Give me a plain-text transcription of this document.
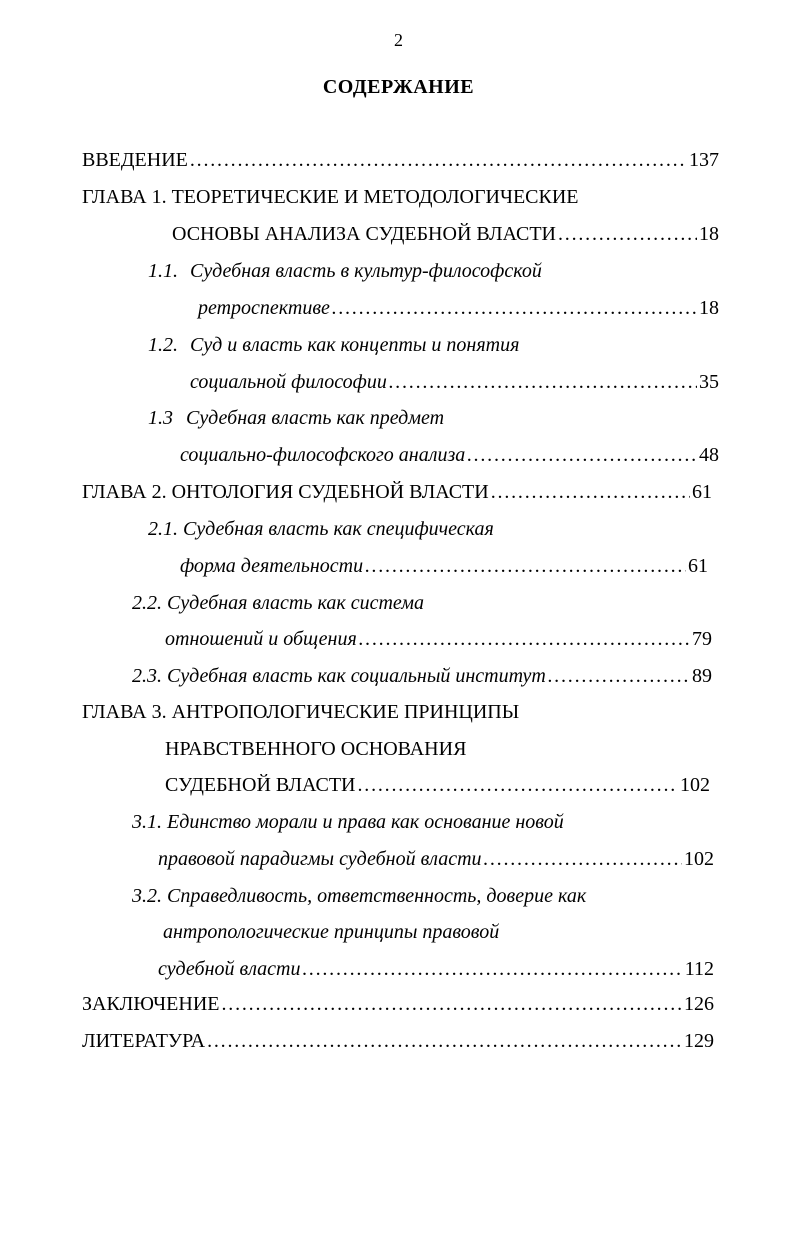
2
СОДЕРЖАНИЕ
ВВЕДЕНИЕ . . .	137
ГЛАВА 1. ТЕОРЕТИЧЕСКИЕ И МЕТОДОЛОГИЧЕСКИЕ
ОСНОВЫ АНАЛИЗА СУДЕБНОЙ ВЛАСТИ . . .	18
1.1. Судебная власть в культур-философской
ретроспективе . . .	18
1.2. Суд и власть как концепты и понятия
социальной философии . . .	35
1.3 Судебная власть как предмет
социально-философского анализа . . .	48
ГЛАВА 2. ОНТОЛОГИЯ СУДЕБНОЙ ВЛАСТИ . . .	61
2.1. Судебная власть как специфическая
форма деятельности . . .	61
2.2. Судебная власть как система
отношений и общения . . .	79
2.3. Судебная власть как социальный институт . . .	89
ГЛАВА 3. АНТРОПОЛОГИЧЕСКИЕ ПРИНЦИПЫ
НРАВСТВЕННОГО ОСНОВАНИЯ
СУДЕБНОЙ ВЛАСТИ . . .	102
3.1. Единство морали и права как основание новой
правовой парадигмы судебной власти . . .	102
3.2. Справедливость, ответственность, доверие как
антропологические принципы правовой
судебной власти . . .	112
ЗАКЛЮЧЕНИЕ . . .	126
ЛИТЕРАТУРА . . .	129
